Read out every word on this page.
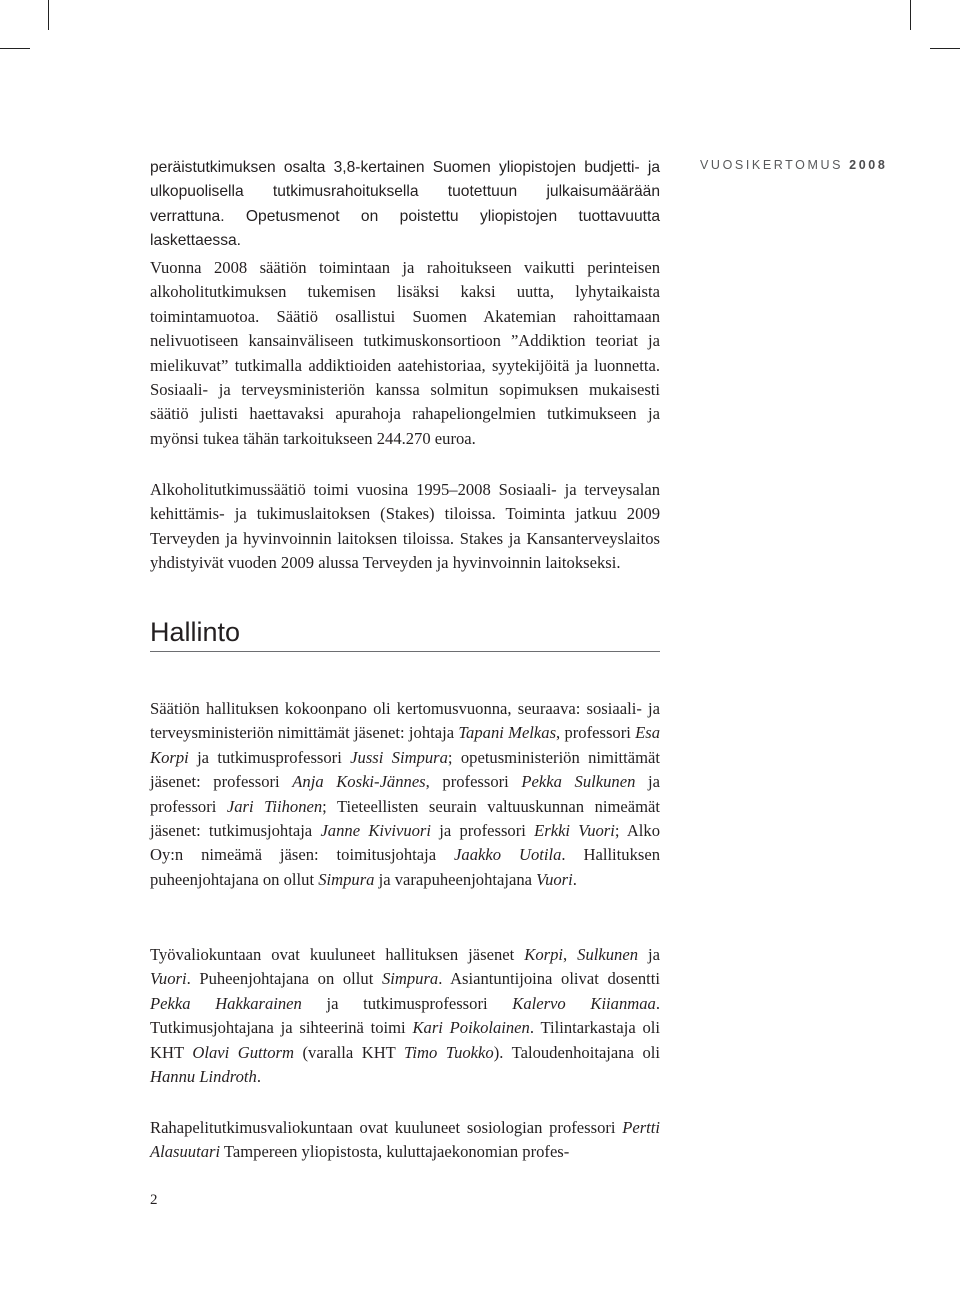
VUOSIKERTOMUS 2008

peräistutkimuksen osalta 3,8-kertainen Suomen yliopistojen budjetti- ja ulkopuolisella tutkimusrahoituksella tuotettuun julkaisumäärään verrattuna. Opetusmenot on poistettu yliopistojen tuottavuutta laskettaessa.

Vuonna 2008 säätiön toimintaan ja rahoitukseen vaikutti perinteisen alkoholitutkimuksen tukemisen lisäksi kaksi uutta, lyhytaikaista toimintamuotoa. Säätiö osallistui Suomen Akatemian rahoittamaan nelivuotiseen kansainväliseen tutkimuskonsortioon ”Addiktion teoriat ja mielikuvat” tutkimalla addiktioiden aatehistoriaa, syytekijöitä ja luonnetta. Sosiaali- ja terveysministeriön kanssa solmitun sopimuksen mukaisesti säätiö julisti haettavaksi apurahoja rahapeliongelmien tutkimukseen ja myönsi tukea tähän tarkoitukseen 244.270 euroa.

Alkoholitutkimussäätiö toimi vuosina 1995–2008 Sosiaali- ja terveysalan kehittämis- ja tukimuslaitoksen (Stakes) tiloissa. Toiminta jatkuu 2009 Terveyden ja hyvinvoinnin laitoksen tiloissa. Stakes ja Kansanterveyslaitos yhdistyivät vuoden 2009 alussa Terveyden ja hyvinvoinnin laitokseksi.

Hallinto

Säätiön hallituksen kokoonpano oli kertomusvuonna, seuraava: sosiaali- ja terveysministeriön nimittämät jäsenet: johtaja Tapani Melkas, professori Esa Korpi ja tutkimusprofessori Jussi Simpura; opetusministeriön nimittämät jäsenet: professori Anja Koski-Jännes, professori Pekka Sulkunen ja professori Jari Tiihonen; Tieteellisten seurain valtuuskunnan nimeämät jäsenet: tutkimusjohtaja Janne Kivivuori ja professori Erkki Vuori; Alko Oy:n nimeämä jäsen: toimitusjohtaja Jaakko Uotila. Hallituksen puheenjohtajana on ollut Simpura ja varapuheenjohtajana Vuori.

Työvaliokuntaan ovat kuuluneet hallituksen jäsenet Korpi, Sulkunen ja Vuori. Puheenjohtajana on ollut Simpura. Asiantuntijoina olivat dosentti Pekka Hakkarainen ja tutkimusprofessori Kalervo Kiianmaa. Tutkimusjohtajana ja sihteerinä toimi Kari Poikolainen. Tilintarkastaja oli KHT Olavi Guttorm (varalla KHT Timo Tuokko). Taloudenhoitajana oli Hannu Lindroth.

Rahapelitutkimusvaliokuntaan ovat kuuluneet sosiologian professori Pertti Alasuutari Tampereen yliopistosta, kuluttajaekonomian profes-

2
